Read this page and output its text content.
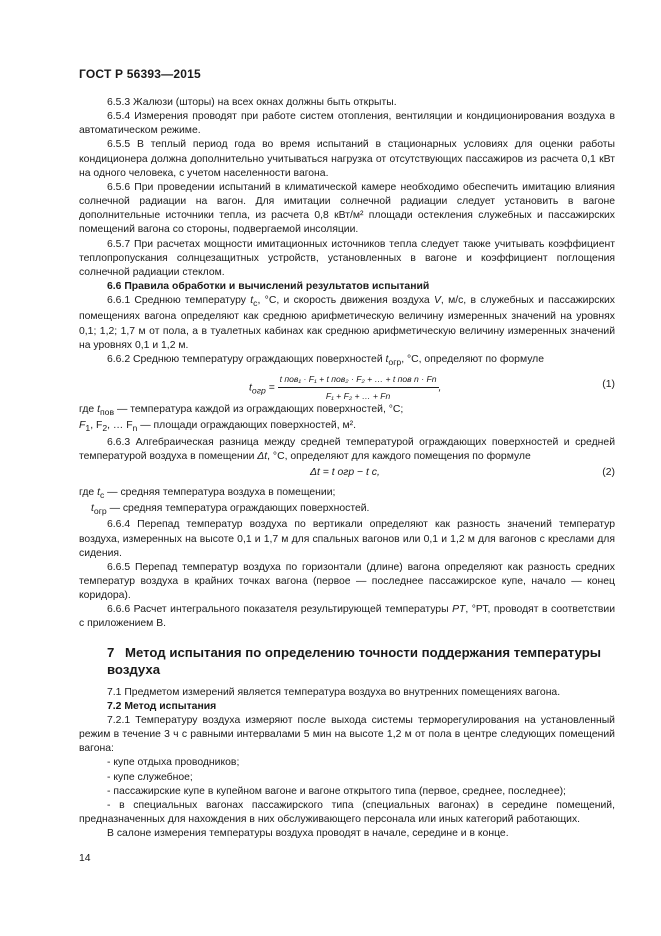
ГОСТ Р 56393—2015

6.5.3 Жалюзи (шторы) на всех окнах должны быть открыты.

6.5.4 Измерения проводят при работе систем отопления, вентиляции и кондиционирования воздуха в автоматическом режиме.

6.5.5 В теплый период года во время испытаний в стационарных условиях для оценки работы кондиционера должна дополнительно учитываться нагрузка от отсутствующих пассажиров из расчета 0,1 кВт на одного человека, с учетом населенности вагона.

6.5.6 При проведении испытаний в климатической камере необходимо обеспечить имитацию влияния солнечной радиации на вагон. Для имитации солнечной радиации следует установить в вагоне дополнительные источники тепла, из расчета 0,8 кВт/м² площади остекления служебных и пассажирских помещений вагона со стороны, подвергаемой инсоляции.

6.5.7 При расчетах мощности имитационных источников тепла следует также учитывать коэффициент теплопропускания солнцезащитных устройств, установленных в вагоне и коэффициент поглощения солнечной радиации стеклом.

6.6 Правила обработки и вычислений результатов испытаний

6.6.1 Среднюю температуру $t_с$, °С, и скорость движения воздуха V, м/с, в служебных и пассажирских помещениях вагона определяют как среднюю арифметическую величину измеренных значений на уровнях 0,1; 1,2; 1,7 м от пола, а в туалетных кабинах как среднюю арифметическую величину измеренных значений на уровнях 0,1 и 1,2 м.

6.6.2 Среднюю температуру ограждающих поверхностей $t_{огр}$, °С, определяют по формуле

$t_{огр} = \frac{\text{t пов₁ · F₁ + t пов₂ · F₂ + … + t пов n · Fn}}{\text{F₁ + F₂ + … + Fn}}$ ,	(1)

где $t_{пов}$ — температура каждой из ограждающих поверхностей, °С;

$F_1$, $F_2$, … $F_n$ — площади ограждающих поверхностей, м².

6.6.3 Алгебраическая разница между средней температурой ограждающих поверхностей и средней температурой воздуха в помещении Δt, °С, определяют для каждого помещения по формуле

Δt = t огр − t с,	(2)

где $t_с$ — средняя температура воздуха в помещении;

$t_{огр}$ — средняя температура ограждающих поверхностей.

6.6.4 Перепад температур воздуха по вертикали определяют как разность значений температур воздуха, измеренных на высоте 0,1 и 1,7 м для спальных вагонов или 0,1 и 1,2 м для вагонов с креслами для сидения.

6.6.5 Перепад температур воздуха по горизонтали (длине) вагона определяют как разность средних температур воздуха в крайних точках вагона (первое — последнее пассажирское купе, начало — конец коридора).

6.6.6 Расчет интегрального показателя результирующей температуры PT, °РТ, проводят в соответствии с приложением В.

7 Метод испытания по определению точности поддержания температуры воздуха

7.1 Предметом измерений является температура воздуха во внутренних помещениях вагона.

7.2 Метод испытания

7.2.1 Температуру воздуха измеряют после выхода системы терморегулирования на установленный режим в течение 3 ч с равными интервалами 5 мин на высоте 1,2 м от пола в центре следующих помещений вагона:

- купе отдыха проводников;

- купе служебное;

- пассажирские купе в купейном вагоне и вагоне открытого типа (первое, среднее, последнее);

- в специальных вагонах пассажирского типа (специальных вагонах) в середине помещений, предназначенных для нахождения в них обслуживающего персонала или иных категорий работающих.

В салоне измерения температуры воздуха проводят в начале, середине и в конце.

14
